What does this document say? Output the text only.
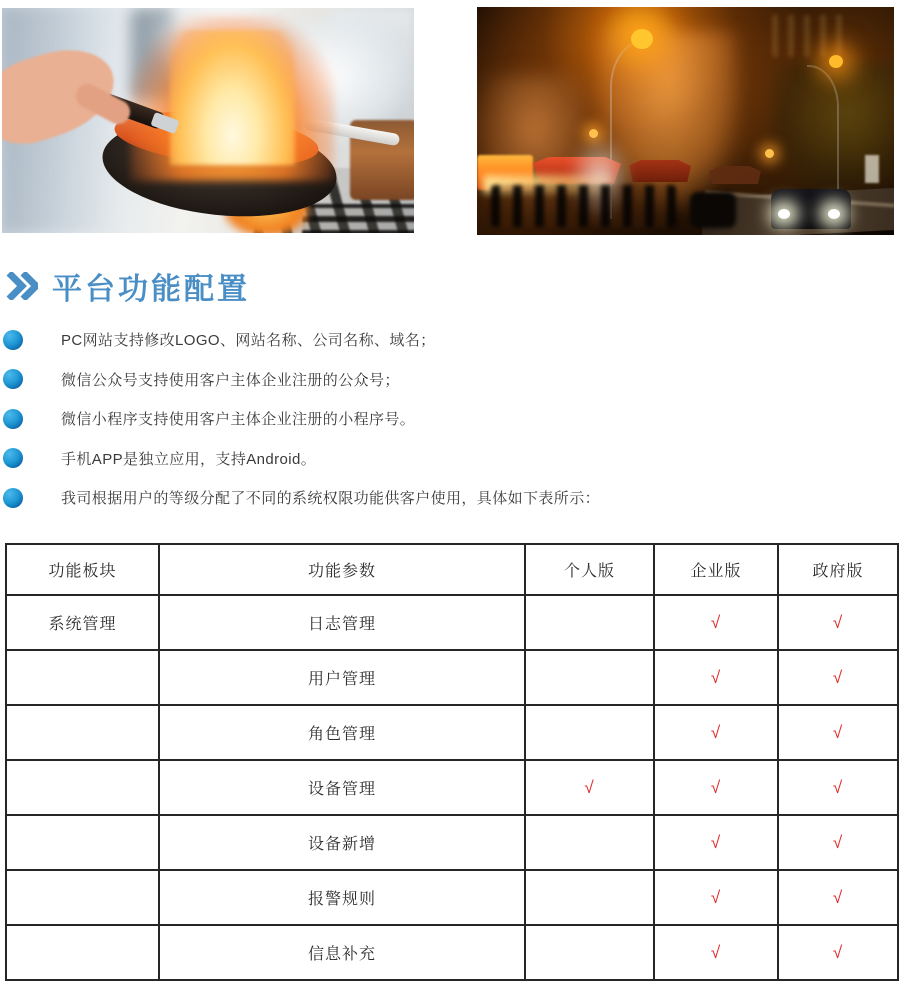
平台功能配置
PC网站支持修改LOGO、网站名称、公司名称、域名；
微信公众号支持使用客户主体企业注册的公众号；
微信小程序支持使用客户主体企业注册的小程序号。
手机APP是独立应用，支持Android。
我司根据用户的等级分配了不同的系统权限功能供客户使用，具体如下表所示：
功能板块	功能参数	个人版	企业版	政府版
系统管理	日志管理		√	√
	用户管理		√	√
	角色管理		√	√
	设备管理	√	√	√
	设备新增		√	√
	报警规则		√	√
	信息补充		√	√
